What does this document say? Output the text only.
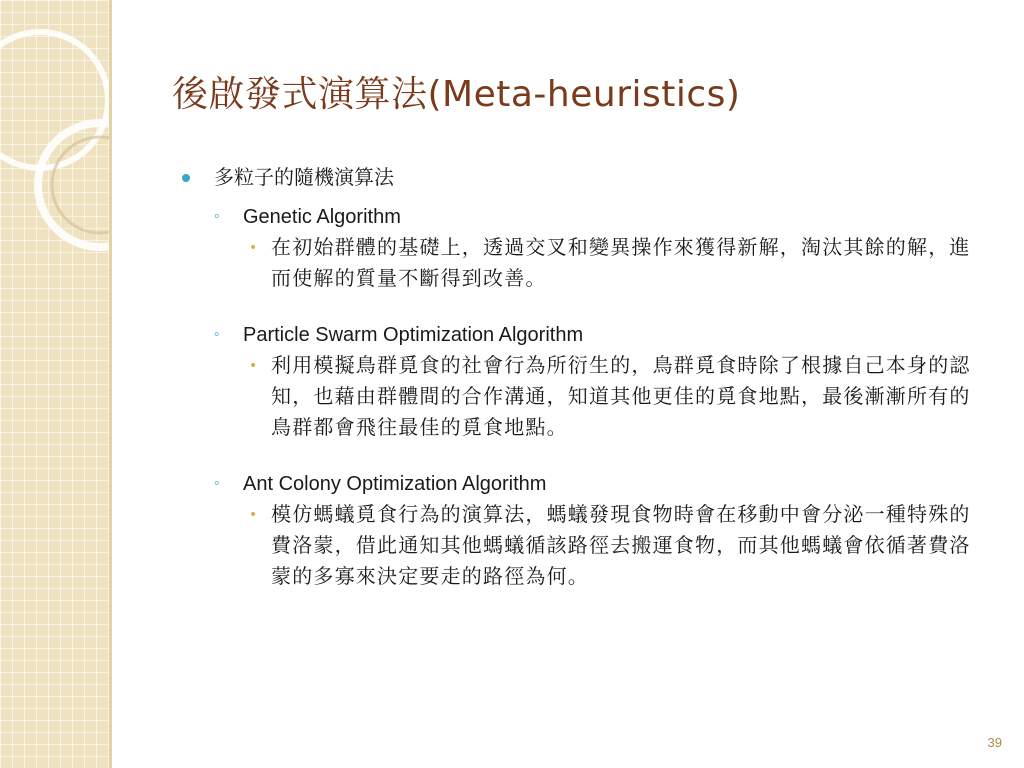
後啟發式演算法(Meta-heuristics)
多粒子的隨機演算法
◦ Genetic Algorithm
• 在初始群體的基礎上，透過交叉和變異操作來獲得新解，淘汰其餘的解，進而使解的質量不斷得到改善。
◦ Particle Swarm Optimization Algorithm
• 利用模擬鳥群覓食的社會行為所衍生的，鳥群覓食時除了根據自己本身的認知，也藉由群體間的合作溝通，知道其他更佳的覓食地點，最後漸漸所有的鳥群都會飛往最佳的覓食地點。
◦ Ant Colony Optimization Algorithm
• 模仿螞蟻覓食行為的演算法，螞蟻發現食物時會在移動中會分泌一種特殊的費洛蒙，借此通知其他螞蟻循該路徑去搬運食物，而其他螞蟻會依循著費洛蒙的多寡來決定要走的路徑為何。
39
